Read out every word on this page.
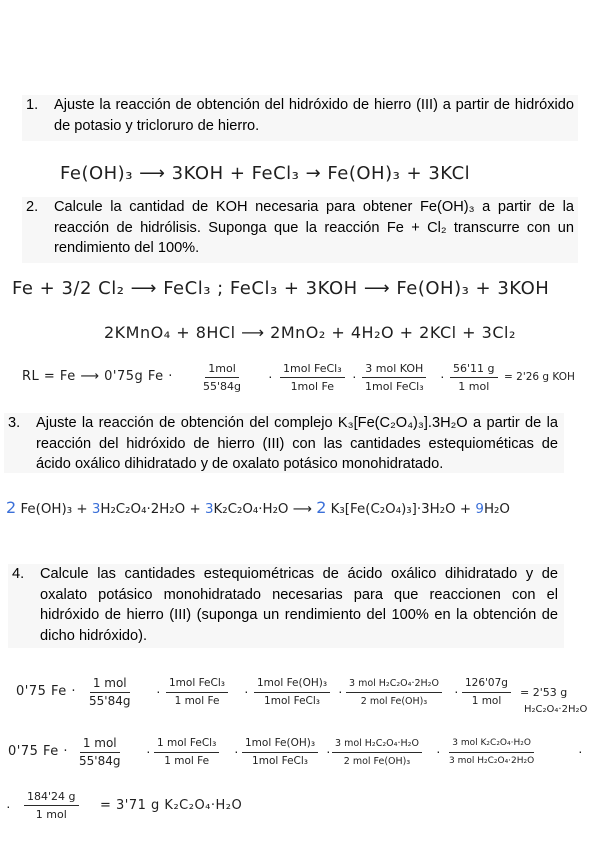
1. Ajuste la reacción de obtención del hidróxido de hierro (III) a partir de hidróxido de potasio y tricloruro de hierro.
Fe(OH)₃ ⟶ 3KOH + FeCl₃ → Fe(OH)₃ + 3KCl
2. Calcule la cantidad de KOH necesaria para obtener Fe(OH)₃ a partir de la reacción de hidrólisis. Suponga que la reacción Fe + Cl₂ transcurre con un rendimiento del 100%.
Fe + 3/2 Cl₂ ⟶ FeCl₃ ; FeCl₃ + 3KOH ⟶ Fe(OH)₃ + 3KOH
2KMnO₄ + 8HCl ⟶ 2MnO₂ + 4H₂O + 2KCl + 3Cl₂
RL = Fe ⟶ 0'75g Fe ·
1mol
55'84g
· 1mol FeCl₃
1mol Fe
· 3 mol KOH
1mol FeCl₃
· 56'11 g
1 mol
= 2'26 g KOH
3. Ajuste la reacción de obtención del complejo K₃[Fe(C₂O₄)₃].3H₂O a partir de la reacción del hidróxido de hierro (III) con las cantidades estequiométicas de ácido oxálico dihidratado y de oxalato potásico monohidratado.
2 Fe(OH)₃ + 3H₂C₂O₄·2H₂O + 3K₂C₂O₄·H₂O ⟶ 2 K₃[Fe(C₂O₄)₃]·3H₂O + 9H₂O
4. Calcule las cantidades estequiométricas de ácido oxálico dihidratado y de oxalato potásico monohidratado necesarias para que reaccionen con el hidróxido de hierro (III) (suponga un rendimiento del 100% en la obtención de dicho hidróxido).
0'75 Fe ·
1 mol
55'84g
· 1mol FeCl₃
1 mol Fe
· 1mol Fe(OH)₃
1mol FeCl₃
· 3 mol H₂C₂O₄·2H₂O
2 mol Fe(OH)₃
· 126'07g
1 mol
= 2'53 g
H₂C₂O₄·2H₂O
0'75 Fe ·
1 mol
55'84g
· 1 mol FeCl₃
1 mol Fe
· 1mol Fe(OH)₃
1mol FeCl₃
· 3 mol H₂C₂O₄·H₂O
2 mol Fe(OH)₃
·	3 mol K₂C₂O₄·H₂O
3 mol H₂C₂O₄·2H₂O
·
·
184'24 g
1 mol
= 3'71 g K₂C₂O₄·H₂O
